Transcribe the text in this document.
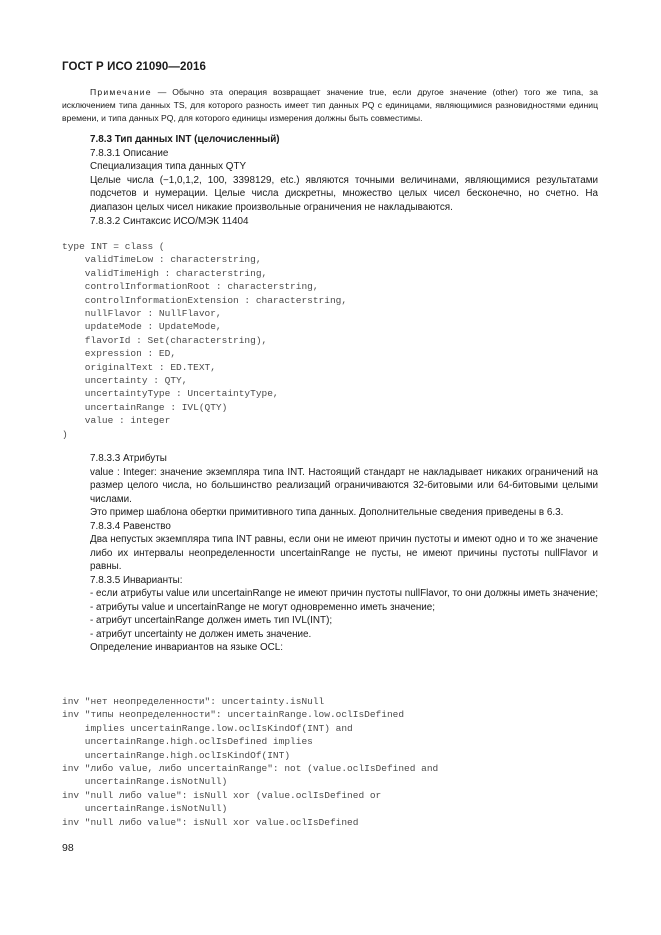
ГОСТ Р ИСО 21090—2016
Примечание — Обычно эта операция возвращает значение true, если другое значение (other) того же типа, за исключением типа данных TS, для которого разность имеет тип данных PQ с единицами, являющимися разновидностями единиц времени, и типа данных PQ, для которого единицы измерения должны быть совместимы.
7.8.3 Тип данных INT (целочисленный)
7.8.3.1 Описание
Специализация типа данных QTY
Целые числа (−1,0,1,2, 100, 3398129, etc.) являются точными величинами, являющимися результатами подсчетов и нумерации. Целые числа дискретны, множество целых чисел бесконечно, но счетно. На диапазон целых чисел никакие произвольные ограничения не накладываются.
7.8.3.2 Синтаксис ИСО/МЭК 11404
type INT = class (
validTimeLow : characterstring,
validTimeHigh : characterstring,
controlInformationRoot : characterstring,
controlInformationExtension : characterstring,
nullFlavor : NullFlavor,
updateMode : UpdateMode,
flavorId : Set(characterstring),
expression : ED,
originalText : ED.TEXT,
uncertainty : QTY,
uncertaintyType : UncertaintyType,
uncertainRange : IVL(QTY)
value : integer
)
7.8.3.3 Атрибуты
value : Integer: значение экземпляра типа INT. Настоящий стандарт не накладывает никаких ограничений на размер целого числа, но большинство реализаций ограничиваются 32-битовыми или 64-битовыми целыми числами.
Это пример шаблона обертки примитивного типа данных. Дополнительные сведения приведены в 6.3.
7.8.3.4 Равенство
Два непустых экземпляра типа INT равны, если они не имеют причин пустоты и имеют одно и то же значение либо их интервалы неопределенности uncertainRange не пусты, не имеют причины пустоты nullFlavor и равны.
7.8.3.5 Инварианты:
- если атрибуты value или uncertainRange не имеют причин пустоты nullFlavor, то они должны иметь значение;
- атрибуты value и uncertainRange не могут одновременно иметь значение;
- атрибут uncertainRange должен иметь тип IVL(INT);
- атрибут uncertainty не должен иметь значение.
Определение инвариантов на языке OCL:
inv "нет неопределенности": uncertainty.isNull
inv "типы неопределенности": uncertainRange.low.oclIsDefined
implies uncertainRange.low.oclIsKindOf(INT) and
uncertainRange.high.oclIsDefined implies
uncertainRange.high.oclIsKindOf(INT)
inv "либо value, либо uncertainRange": not (value.oclIsDefined and
uncertainRange.isNotNull)
inv "null либо value": isNull xor (value.oclIsDefined or
uncertainRange.isNotNull)
inv "null либо value": isNull xor value.oclIsDefined
98
